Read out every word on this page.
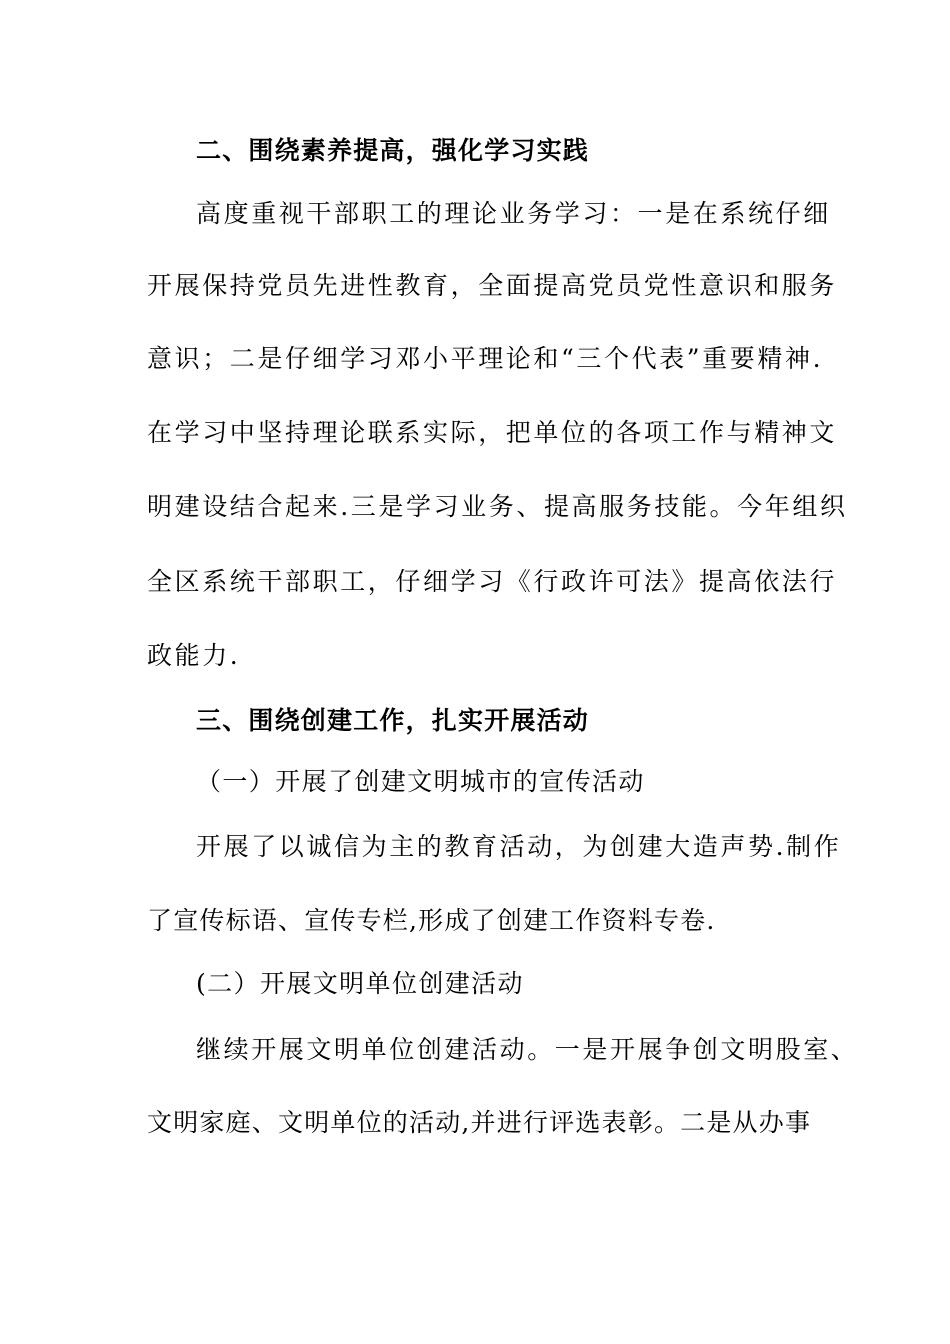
二、围绕素养提高，强化学习实践
高度重视干部职工的理论业务学习：一是在系统仔细
开展保持党员先进性教育，全面提高党员党性意识和服务
意识；二是仔细学习邓小平理论和“三个代表”重要精神.
在学习中坚持理论联系实际，把单位的各项工作与精神文
明建设结合起来.三是学习业务、提高服务技能。今年组织
全区系统干部职工，仔细学习《行政许可法》提高依法行
政能力.
三、围绕创建工作，扎实开展活动
（一）开展了创建文明城市的宣传活动
开展了以诚信为主的教育活动，为创建大造声势.制作
了宣传标语、宣传专栏,形成了创建工作资料专卷.
(二）开展文明单位创建活动
继续开展文明单位创建活动。一是开展争创文明股室、
文明家庭、文明单位的活动,并进行评选表彰。二是从办事
